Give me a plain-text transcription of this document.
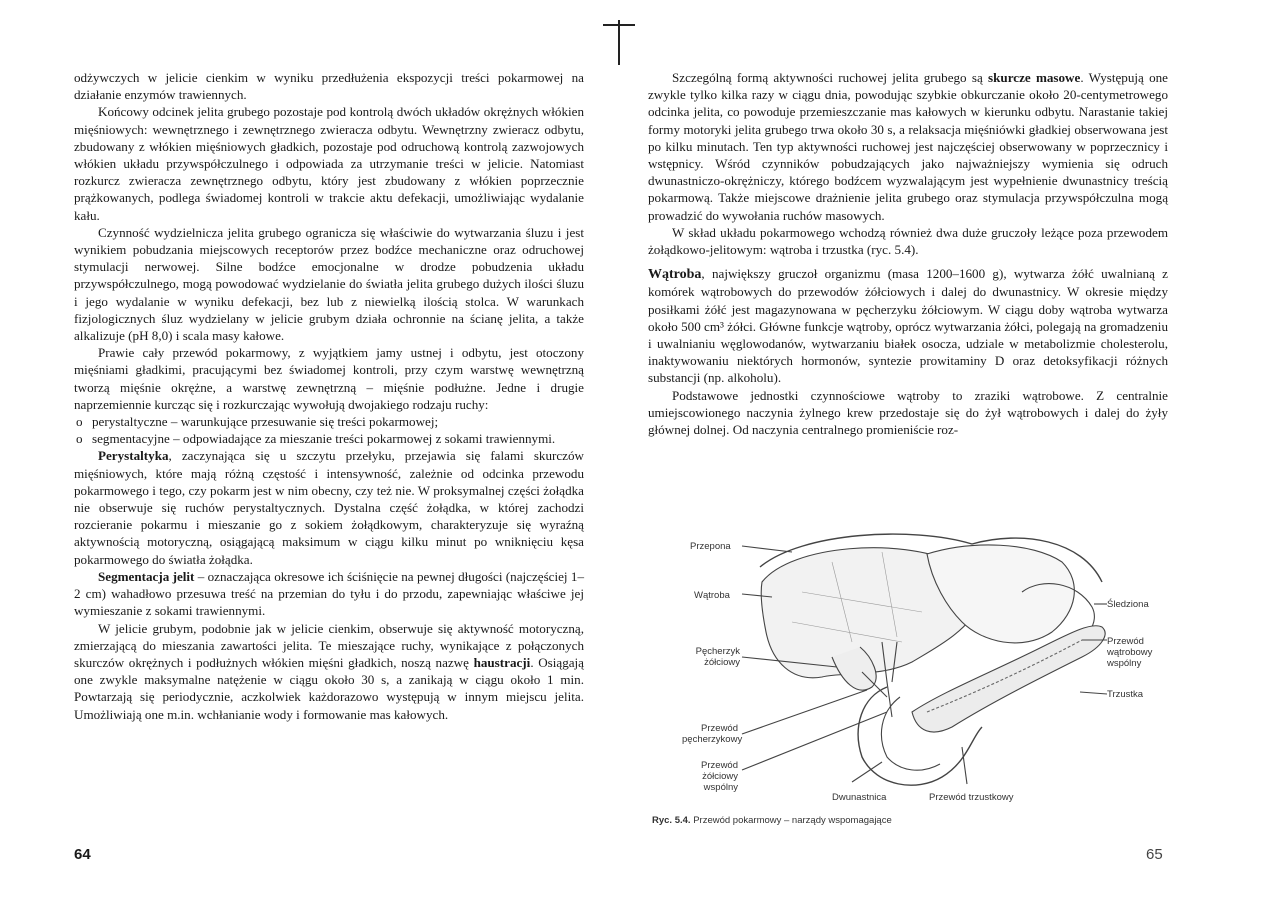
odżywczych w jelicie cienkim w wyniku przedłużenia ekspozycji treści pokarmowej na działanie enzymów trawiennych.

Końcowy odcinek jelita grubego pozostaje pod kontrolą dwóch układów okrężnych włókien mięśniowych: wewnętrznego i zewnętrznego zwieracza odbytu. Wewnętrzny zwieracz odbytu, zbudowany z włókien mięśniowych gładkich, pozostaje pod odruchową kontrolą zazwojowych włókien układu przywspółczulnego i odpowiada za utrzymanie treści w jelicie. Natomiast rozkurcz zwieracza zewnętrznego odbytu, który jest zbudowany z włókien poprzecznie prążkowanych, podlega świadomej kontroli w trakcie aktu defekacji, umożliwiając wydalanie kału.

Czynność wydzielnicza jelita grubego ogranicza się właściwie do wytwarzania śluzu i jest wynikiem pobudzania miejscowych receptorów przez bodźce mechaniczne oraz odruchowej stymulacji nerwowej. Silne bodźce emocjonalne w drodze pobudzenia układu przywspółczulnego, mogą powodować wydzielanie do światła jelita grubego dużych ilości śluzu i jego wydalanie w wyniku defekacji, bez lub z niewielką ilością stolca. W warunkach fizjologicznych śluz wydzielany w jelicie grubym działa ochronnie na ścianę jelita, a także alkalizuje (pH 8,0) i scala masy kałowe.

Prawie cały przewód pokarmowy, z wyjątkiem jamy ustnej i odbytu, jest otoczony mięśniami gładkimi, pracującymi bez świadomej kontroli, przy czym warstwę wewnętrzną tworzą mięśnie okrężne, a warstwę zewnętrzną – mięśnie podłużne. Jedne i drugie naprzemiennie kurcząc się i rozkurczając wywołują dwojakiego rodzaju ruchy:

o perystaltyczne – warunkujące przesuwanie się treści pokarmowej;
o segmentacyjne – odpowiadające za mieszanie treści pokarmowej z sokami trawiennymi.

Perystaltyka, zaczynająca się u szczytu przełyku, przejawia się falami skurczów mięśniowych, które mają różną częstość i intensywność, zależnie od odcinka przewodu pokarmowego i tego, czy pokarm jest w nim obecny, czy też nie. W proksymalnej części żołądka nie obserwuje się ruchów perystaltycznych. Dystalna część żołądka, w której zachodzi rozcieranie pokarmu i mieszanie go z sokiem żołądkowym, charakteryzuje się wyraźną aktywnością motoryczną, osiągającą maksimum w ciągu kilku minut po wniknięciu kęsa pokarmowego do światła żołądka.

Segmentacja jelit – oznaczająca okresowe ich ściśnięcie na pewnej długości (najczęściej 1–2 cm) wahadłowo przesuwa treść na przemian do tyłu i do przodu, zapewniając właściwe jej wymieszanie z sokami trawiennymi.

W jelicie grubym, podobnie jak w jelicie cienkim, obserwuje się aktywność motoryczną, zmierzającą do mieszania zawartości jelita. Te mieszające ruchy, wynikające z połączonych skurczów okrężnych i podłużnych włókien mięśni gładkich, noszą nazwę haustracji. Osiągają one zwykle maksymalne natężenie w ciągu około 30 s, a zanikają w ciągu około 1 min. Powtarzają się periodycznie, aczkolwiek każdorazowo występują w innym miejscu jelita. Umożliwiają one m.in. wchłanianie wody i formowanie mas kałowych.

64

Szczególną formą aktywności ruchowej jelita grubego są skurcze masowe. Występują one zwykle tylko kilka razy w ciągu dnia, powodując szybkie obkurczanie około 20-centymetrowego odcinka jelita, co powoduje przemieszczanie mas kałowych w kierunku odbytu. Narastanie takiej formy motoryki jelita grubego trwa około 30 s, a relaksacja mięśniówki gładkiej obserwowana jest po kilku minutach. Ten typ aktywności ruchowej jest najczęściej obserwowany w poprzecznicy i wstępnicy. Wśród czynników pobudzających jako najważniejszy wymienia się odruch dwunastniczo-okrężniczy, którego bodźcem wyzwalającym jest wypełnienie dwunastnicy treścią pokarmową. Także miejscowe drażnienie jelita grubego oraz stymulacja przywspółczulna mogą prowadzić do wywołania ruchów masowych.

W skład układu pokarmowego wchodzą również dwa duże gruczoły leżące poza przewodem żołądkowo-jelitowym: wątroba i trzustka (ryc. 5.4).

Wątroba, największy gruczoł organizmu (masa 1200–1600 g), wytwarza żółć uwalnianą z komórek wątrobowych do przewodów żółciowych i dalej do dwunastnicy. W okresie między posiłkami żółć jest magazynowana w pęcherzyku żółciowym. W ciągu doby wątroba wytwarza około 500 cm³ żółci. Główne funkcje wątroby, oprócz wytwarzania żółci, polegają na gromadzeniu i uwalnianiu węglowodanów, wytwarzaniu białek osocza, udziale w metabolizmie cholesterolu, inaktywowaniu niektórych hormonów, syntezie prowitaminy D oraz detoksyfikacji różnych substancji (np. alkoholu).

Podstawowe jednostki czynnościowe wątroby to zraziki wątrobowe. Z centralnie umiejscowionego naczynia żylnego krew przedostaje się do żył wątrobowych i dalej do żyły głównej dolnej. Od naczynia centralnego promieniście roz-

Przepona
Wątroba
Pęcherzyk żółciowy
Śledziona
Przewód wątrobowy wspólny
Trzustka
Przewód pęcherzykowy
Przewód żółciowy wspólny
Dwunastnica	Przewód trzustkowy
Ryc. 5.4. Przewód pokarmowy – narządy wspomagające
65
